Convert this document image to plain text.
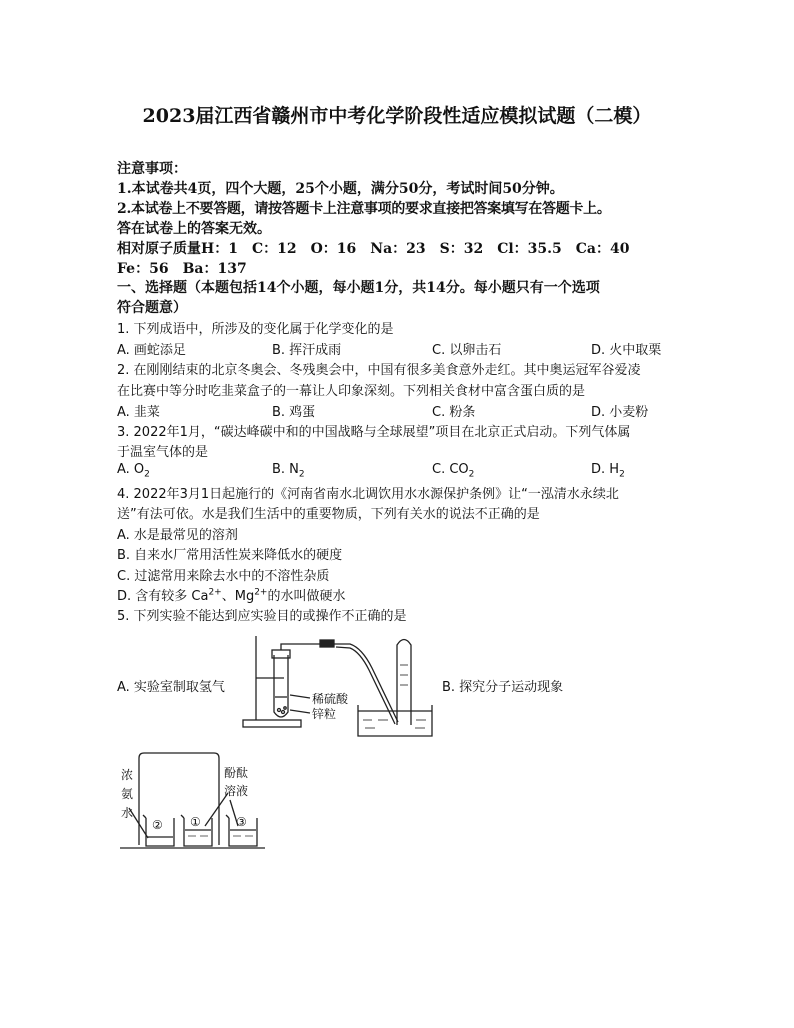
2023届江西省赣州市中考化学阶段性适应模拟试题（二模）
注意事项：
1.本试卷共4页，四个大题，25个小题，满分50分，考试时间50分钟。
2.本试卷上不要答题，请按答题卡上注意事项的要求直接把答案填写在答题卡上。
答在试卷上的答案无效。
相对原子质量H：1　C：12　O：16　Na：23　S：32　Cl：35.5　Ca：40
Fe：56　Ba：137
一、选择题（本题包括14个小题，每小题1分，共14分。每小题只有一个选项
符合题意）
1. 下列成语中，所涉及的变化属于化学变化的是
A. 画蛇添足	B. 挥汗成雨	C. 以卵击石	D. 火中取栗
2. 在刚刚结束的北京冬奥会、冬残奥会中，中国有很多美食意外走红。其中奥运冠军谷爱凌
在比赛中等分时吃韭菜盒子的一幕让人印象深刻。下列相关食材中富含蛋白质的是
A. 韭菜	B. 鸡蛋	C. 粉条	D. 小麦粉
3. 2022年1月，“碳达峰碳中和的中国战略与全球展望”项目在北京正式启动。下列气体属
于温室气体的是
A. $O_2$	B. $N_2$	C. $CO_2$	D. $H_2$
4. 2022年3月1日起施行的《河南省南水北调饮用水水源保护条例》让“一泓清水永续北
送”有法可依。水是我们生活中的重要物质，下列有关水的说法不正确的是
A. 水是最常见的溶剂
B. 自来水厂常用活性炭来降低水的硬度
C. 过滤常用来除去水中的不溶性杂质
D. 含有较多 $Ca^{2+}$、$Mg^{2+}$的水叫做硬水
5. 下列实验不能达到应实验目的或操作不正确的是
A. 实验室制取氢气	B. 探究分子运动现象
稀硫酸
锌粒
浓
氨
水
酚酞
溶液
② ①	③
